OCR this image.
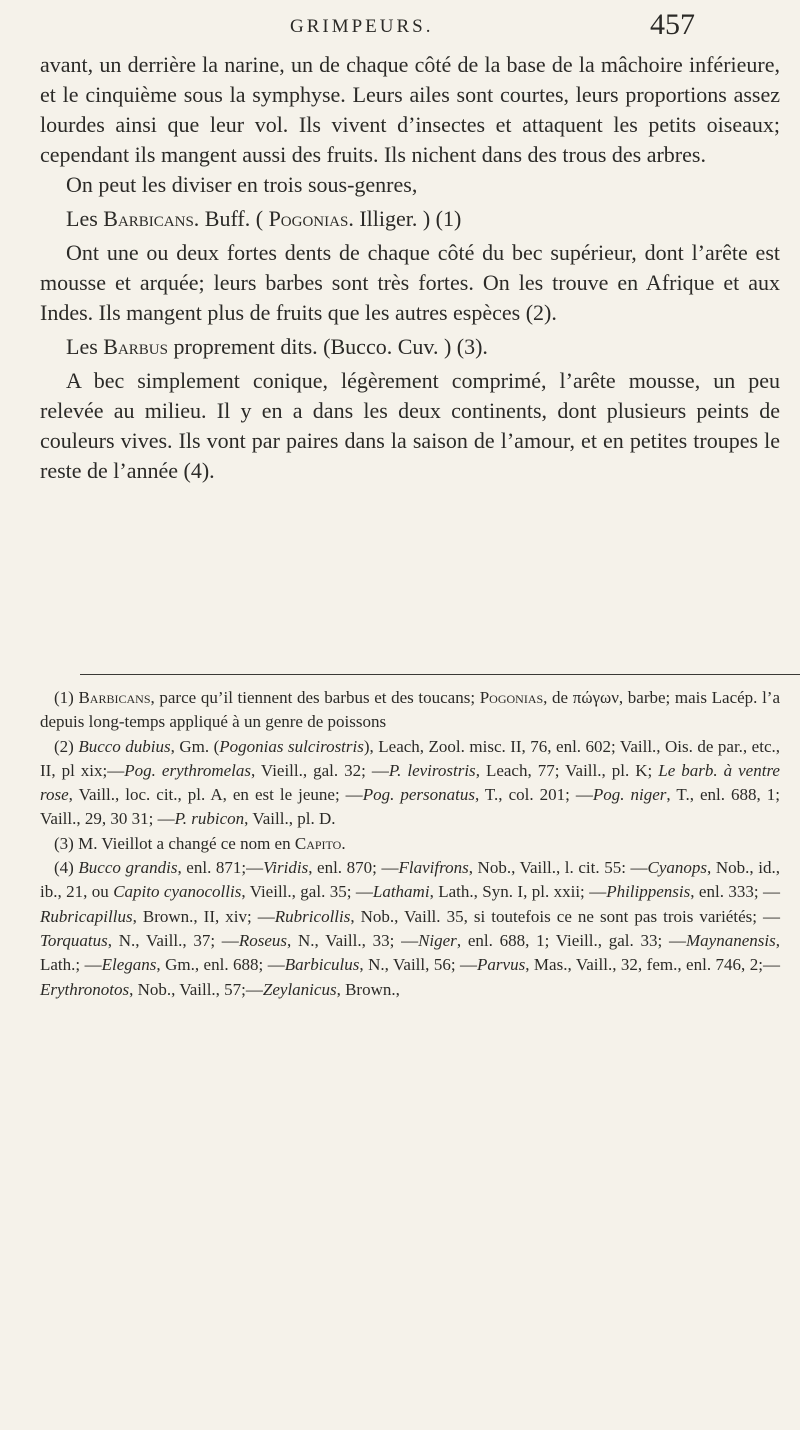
GRIMPEURS.	457

avant, un derrière la narine, un de chaque côté de la base de la mâchoire inférieure, et le cinquième sous la symphyse. Leurs ailes sont courtes, leurs proportions assez lourdes ainsi que leur vol. Ils vivent d’insectes et attaquent les petits oiseaux; cependant ils mangent aussi des fruits. Ils nichent dans des trous des arbres.

On peut les diviser en trois sous-genres,

Les Barbicans. Buff. ( Pogonias. Illiger. ) (1)

Ont une ou deux fortes dents de chaque côté du bec supérieur, dont l’arête est mousse et arquée; leurs barbes sont très fortes. On les trouve en Afrique et aux Indes. Ils mangent plus de fruits que les autres espèces (2).

Les Barbus proprement dits. (Bucco. Cuv. ) (3).

A bec simplement conique, légèrement comprimé, l’arête mousse, un peu relevée au milieu. Il y en a dans les deux continents, dont plusieurs peints de couleurs vives. Ils vont par paires dans la saison de l’amour, et en petites troupes le reste de l’année (4).

(1) Barbicans, parce qu’il tiennent des barbus et des toucans; Pogonias, de πώγων, barbe; mais Lacép. l’a depuis long-temps appliqué à un genre de poissons

(2) Bucco dubius, Gm. (Pogonias sulcirostris), Leach, Zool. misc. II, 76, enl. 602; Vaill., Ois. de par., etc., II, pl xix;—Pog. erythromelas, Vieill., gal. 32; —P. levirostris, Leach, 77; Vaill., pl. K; Le barb. à ventre rose, Vaill., loc. cit., pl. A, en est le jeune; —Pog. personatus, T., col. 201; —Pog. niger, T., enl. 688, 1; Vaill., 29, 30 31; —P. rubicon, Vaill., pl. D.

(3) M. Vieillot a changé ce nom en Capito.

(4) Bucco grandis, enl. 871;—Viridis, enl. 870; —Flavifrons, Nob., Vaill., l. cit. 55: —Cyanops, Nob., id., ib., 21, ou Capito cyanocollis, Vieill., gal. 35; —Lathami, Lath., Syn. I, pl. xxii; —Philippensis, enl. 333; —Rubricapillus, Brown., II, xiv; —Rubricollis, Nob., Vaill. 35, si toutefois ce ne sont pas trois variétés; —Torquatus, N., Vaill., 37; —Roseus, N., Vaill., 33; —Niger, enl. 688, 1; Vieill., gal. 33; —Maynanensis, Lath.; —Elegans, Gm., enl. 688; —Barbiculus, N., Vaill, 56; —Parvus, Mas., Vaill., 32, fem., enl. 746, 2;—Erythronotos, Nob., Vaill., 57;—Zeylanicus, Brown.,
